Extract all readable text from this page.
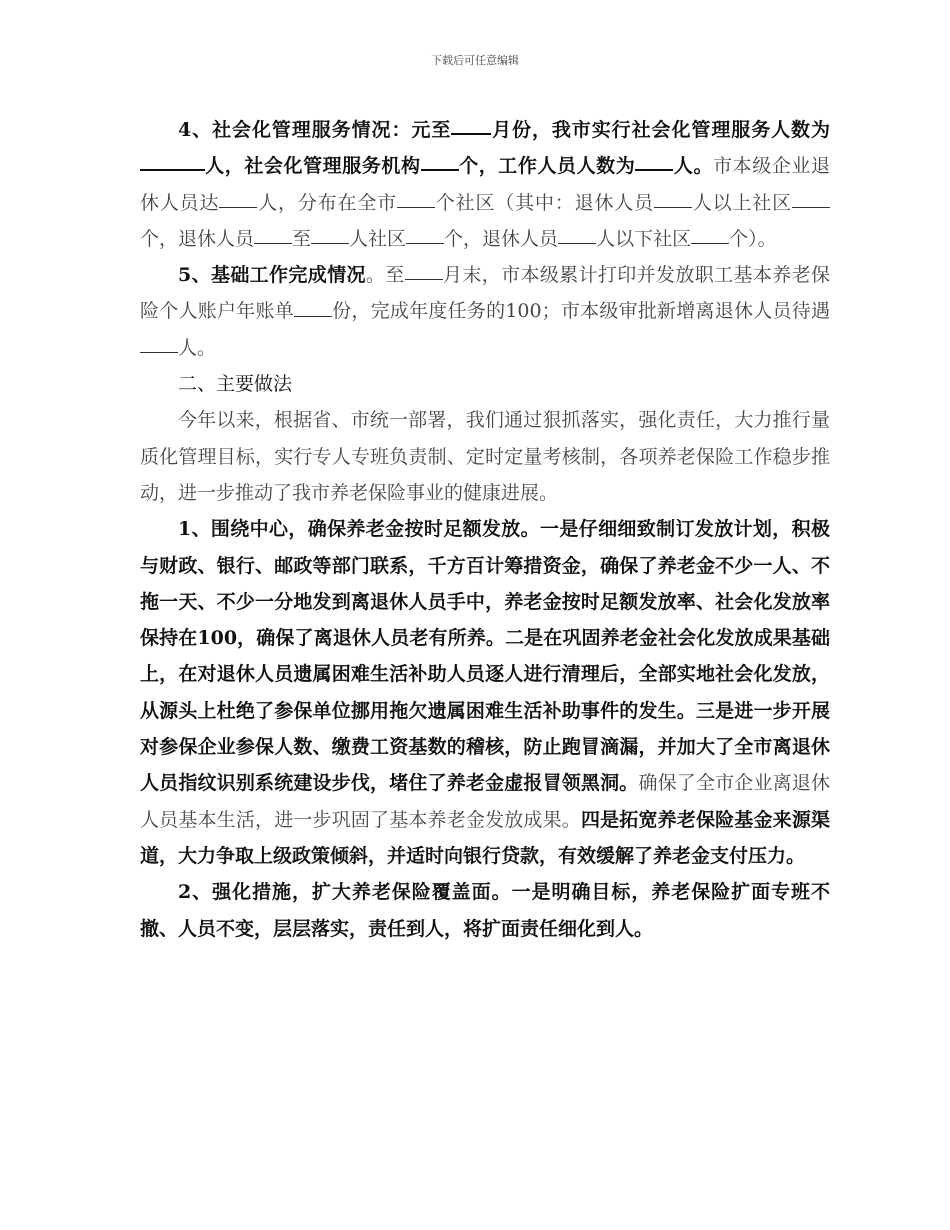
下载后可任意编辑

4、社会化管理服务情况：元至 月份，我市实行社会化管理服务人数为人，社会化管理服务机构 个，工作人员人数为 人。市本级企业退休人员达 人，分布在全市 个社区（其中：退休人员 人以上社区个，退休人员 至 人社区 个，退休人员 人以下社区 个）。

5、基础工作完成情况。至 月末，市本级累计打印并发放职工基本养老保险个人账户年账单 份，完成年度任务的100；市本级审批新增离退休人员待遇人。

二、主要做法

今年以来，根据省、市统一部署，我们通过狠抓落实，强化责任，大力推行量质化管理目标，实行专人专班负责制、定时定量考核制，各项养老保险工作稳步推动，进一步推动了我市养老保险事业的健康进展。

1、围绕中心，确保养老金按时足额发放。一是仔细细致制订发放计划，积极与财政、银行、邮政等部门联系，千方百计筹措资金，确保了养老金不少一人、不拖一天、不少一分地发到离退休人员手中，养老金按时足额发放率、社会化发放率保持在100，确保了离退休人员老有所养。二是在巩固养老金社会化发放成果基础上，在对退休人员遗属困难生活补助人员逐人进行清理后，全部实地社会化发放，从源头上杜绝了参保单位挪用拖欠遗属困难生活补助事件的发生。三是进一步开展对参保企业参保人数、缴费工资基数的稽核，防止跑冒滴漏，并加大了全市离退休人员指纹识别系统建设步伐，堵住了养老金虚报冒领黑洞。确保了全市企业离退休人员基本生活，进一步巩固了基本养老金发放成果。四是拓宽养老保险基金来源渠道，大力争取上级政策倾斜，并适时向银行贷款，有效缓解了养老金支付压力。

2、强化措施，扩大养老保险覆盖面。一是明确目标，养老保险扩面专班不撤、人员不变，层层落实，责任到人，将扩面责任细化到人。
